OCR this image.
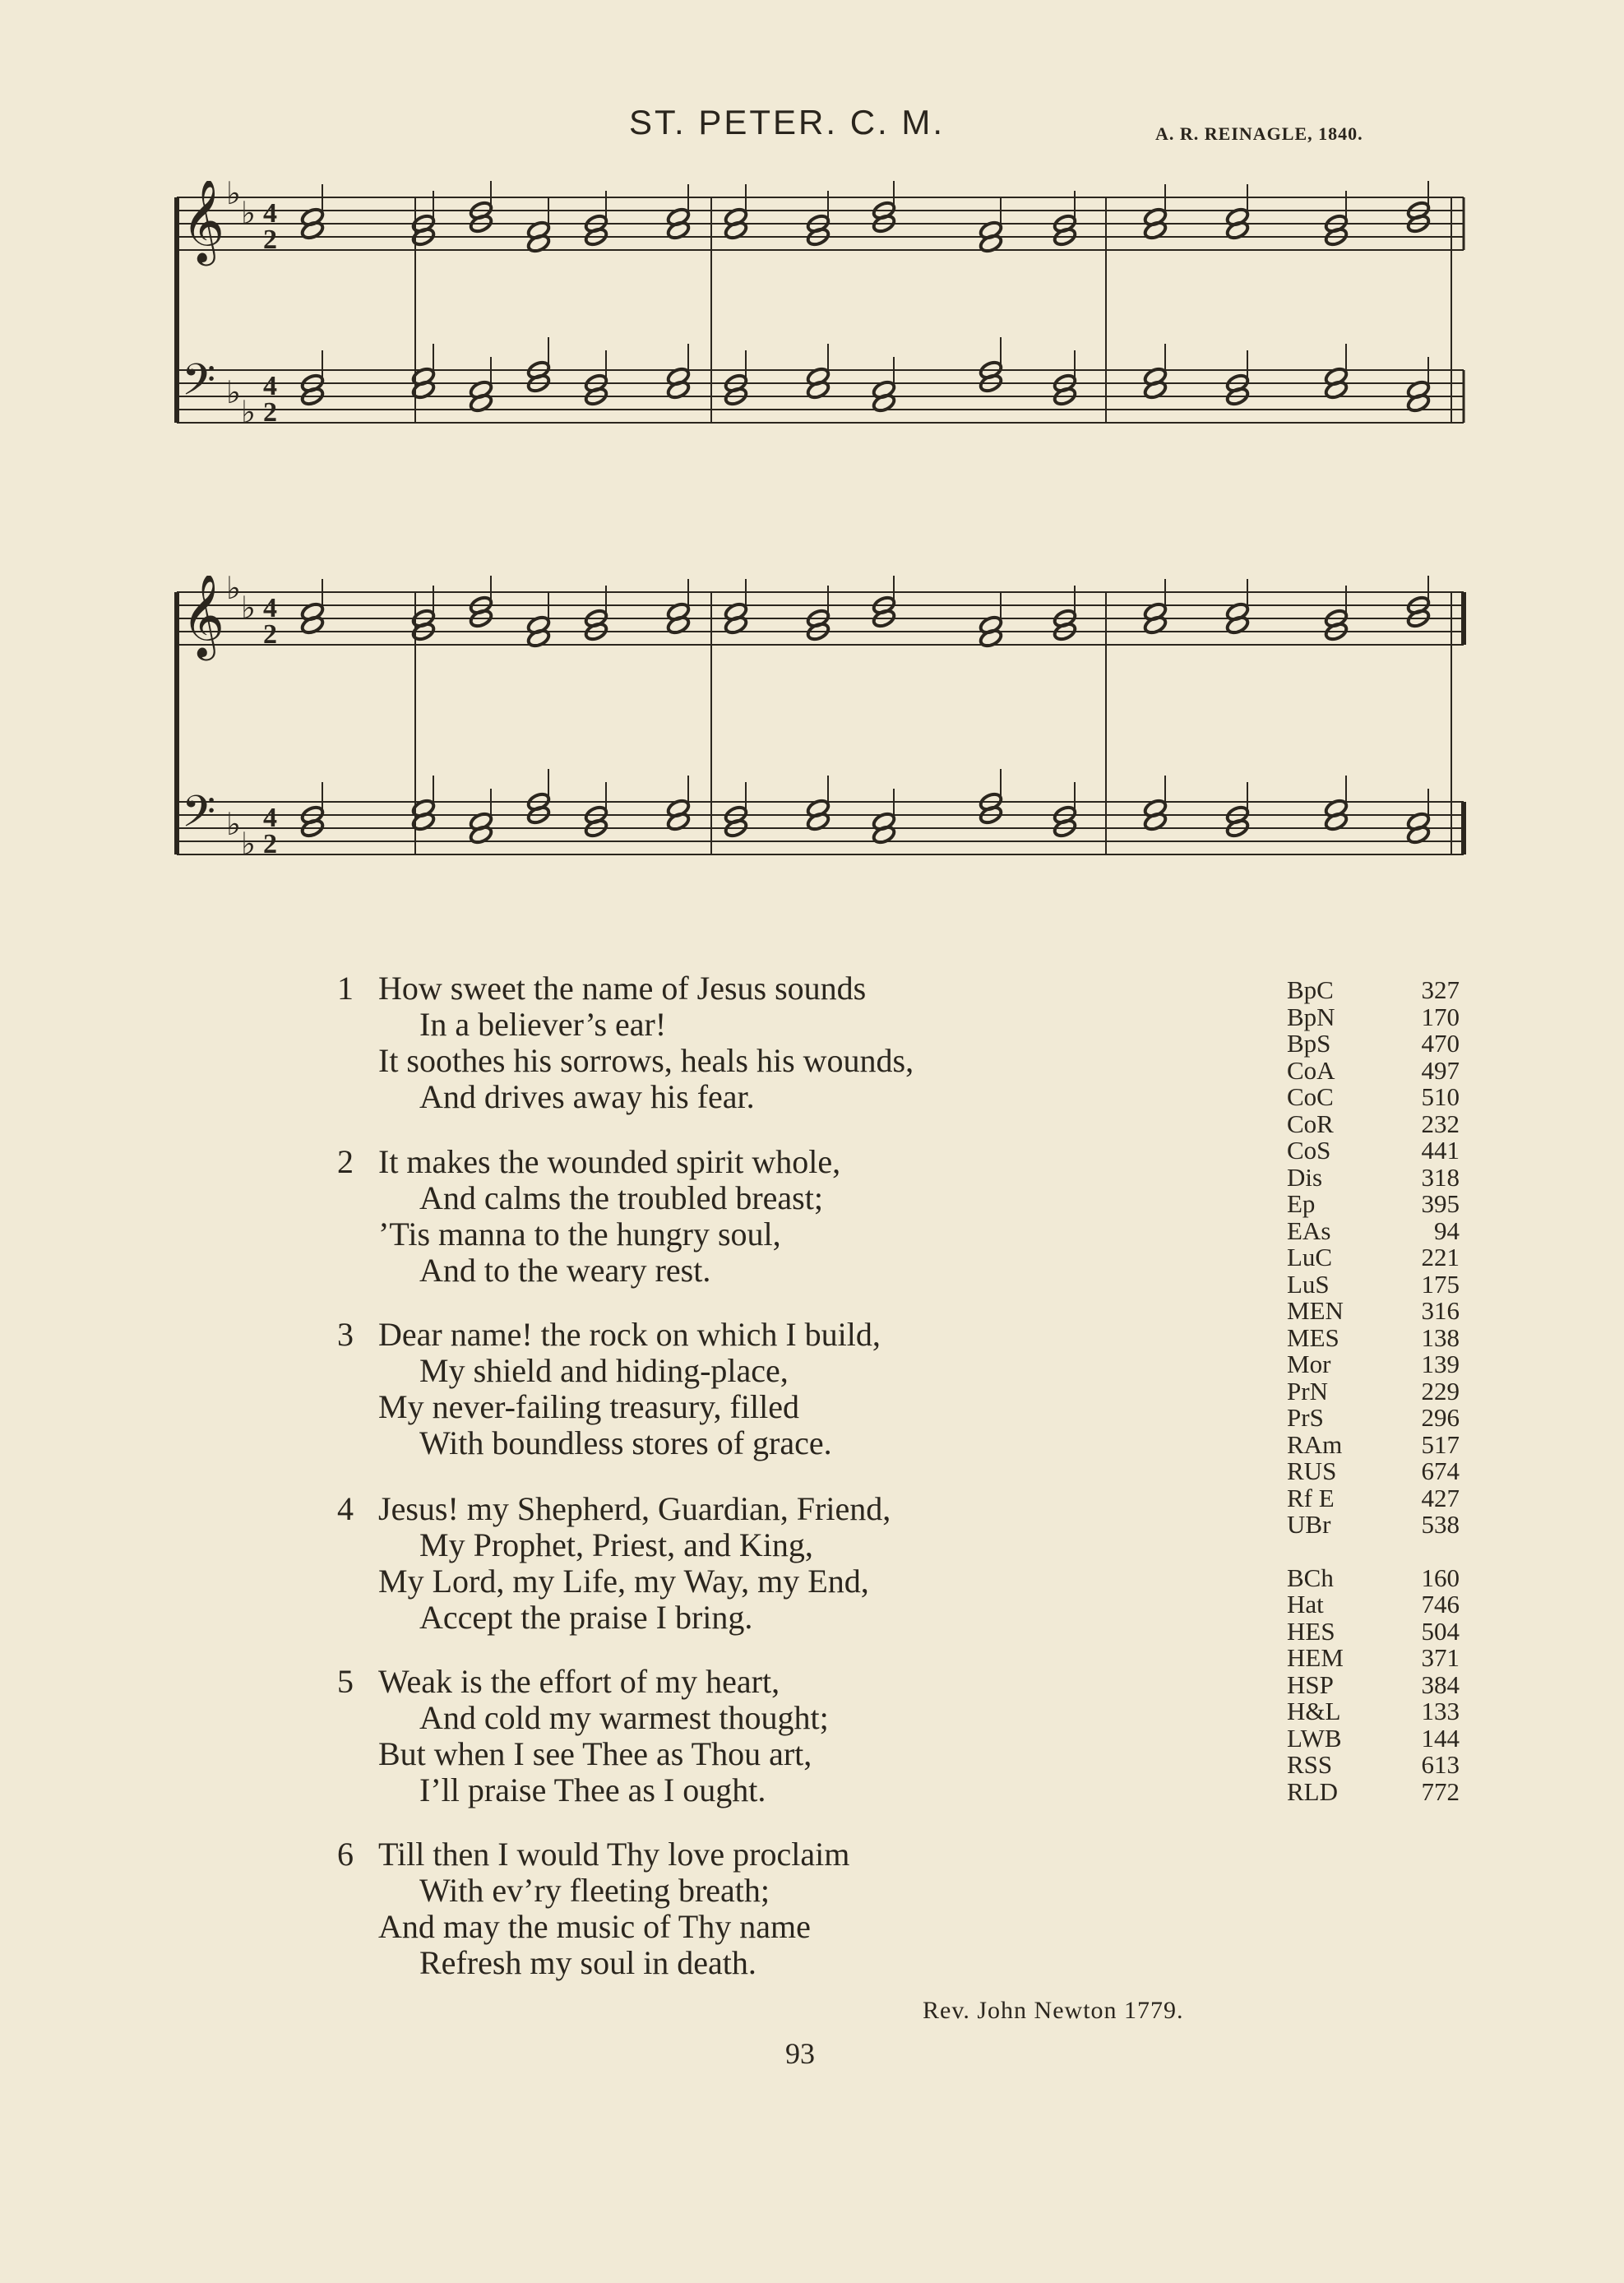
ST. PETER. C. M.	A. R. REINAGLE, 1840.
𝄞 ♭
♭
𝄢 ♭
♭
4
2
4
2
𝄞 ♭
♭
𝄢 ♭
♭
4
2
4
2
1 How sweet the name of Jesus sounds
In a believer’s ear!
It soothes his sorrows, heals his wounds,
And drives away his fear.
2 It makes the wounded spirit whole,
And calms the troubled breast;
’Tis manna to the hungry soul,
And to the weary rest.
3 Dear name! the rock on which I build,
My shield and hiding-place,
My never-failing treasury, filled
With boundless stores of grace.
4 Jesus! my Shepherd, Guardian, Friend,
My Prophet, Priest, and King,
My Lord, my Life, my Way, my End,
Accept the praise I bring.
5 Weak is the effort of my heart,
And cold my warmest thought;
But when I see Thee as Thou art,
I’ll praise Thee as I ought.
6 Till then I would Thy love proclaim
With ev’ry fleeting breath;
And may the music of Thy name
Refresh my soul in death.
BpC	327
BpN	170
BpS	470
CoA	497
CoC	510
CoR	232
CoS	441
Dis	318
Ep	395
EAs	94
LuC	221
LuS	175
MEN	316
MES	138
Mor	139
PrN	229
PrS	296
RAm	517
RUS	674
Rf E	427
UBr	538
BCh	160
Hat	746
HES	504
HEM	371
HSP	384
H&L	133
LWB	144
RSS	613
RLD	772
Rev. John Newton 1779.
93
